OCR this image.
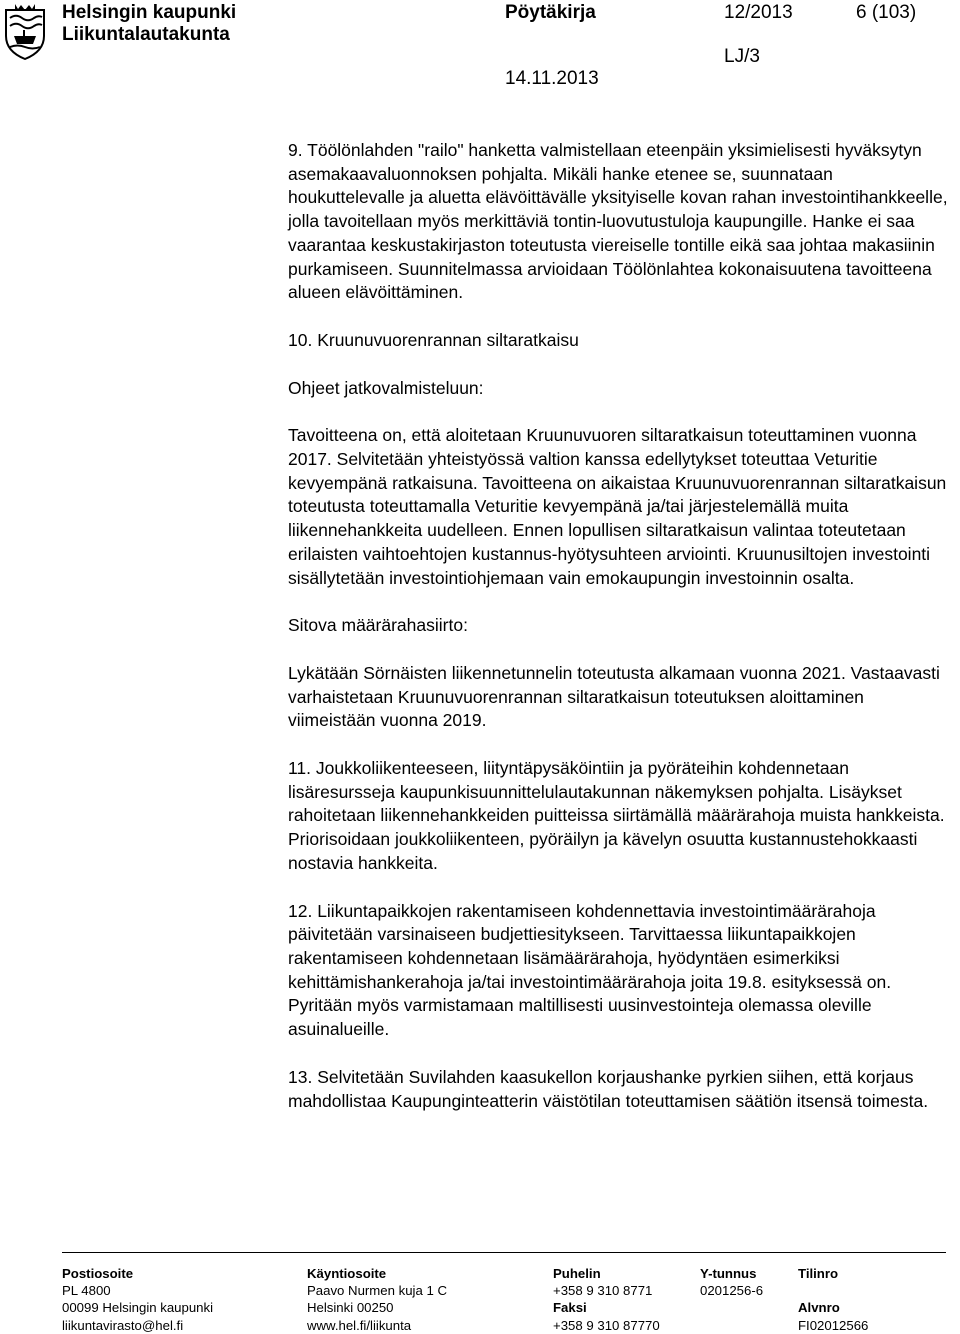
Helsingin kaupunki
Liikuntalautakunta
Pöytäkirja	12/2013	6 (103)
LJ/3
14.11.2013

9. Töölönlahden "railo" hanketta valmistellaan eteenpäin yksimielisesti hyväksytyn asemakaavaluonnoksen pohjalta. Mikäli hanke etenee se, suunnataan houkuttelevalle ja aluetta elävöittävälle yksityiselle kovan rahan investointihankkeelle, jolla tavoitellaan myös merkittäviä tontin-luovutustuloja kaupungille. Hanke ei saa vaarantaa keskustakirjaston toteutusta viereiselle tontille eikä saa johtaa makasiinin purkamiseen. Suunnitelmassa arvioidaan Töölönlahtea kokonaisuutena tavoitteena alueen elävöittäminen.

10. Kruunuvuorenrannan siltaratkaisu

Ohjeet jatkovalmisteluun:

Tavoitteena on, että aloitetaan Kruunuvuoren siltaratkaisun toteuttaminen vuonna 2017. Selvitetään yhteistyössä valtion kanssa edellytykset toteuttaa Veturitie kevyempänä ratkaisuna. Tavoitteena on aikaistaa Kruunuvuorenrannan siltaratkaisun toteutusta toteuttamalla Veturitie kevyempänä ja/tai järjestelemällä muita liikennehankkeita uudelleen. Ennen lopullisen siltaratkaisun valintaa toteutetaan erilaisten vaihtoehtojen kustannus-hyötysuhteen arviointi. Kruunusiltojen investointi sisällytetään investointiohjemaan vain emokaupungin investoinnin osalta.

Sitova määrärahasiirto:

Lykätään Sörnäisten liikennetunnelin toteutusta alkamaan vuonna 2021. Vastaavasti varhaistetaan Kruunuvuorenrannan siltaratkaisun toteutuksen aloittaminen viimeistään vuonna 2019.

11. Joukkoliikenteeseen, liityntäpysäköintiin ja pyöräteihin kohdennetaan lisäresursseja kaupunkisuunnittelulautakunnan näkemyksen pohjalta. Lisäykset rahoitetaan liikennehankkeiden puitteissa siirtämällä määrärahoja muista hankkeista. Priorisoidaan joukkoliikenteen, pyöräilyn ja kävelyn osuutta kustannustehokkaasti nostavia hankkeita.

12. Liikuntapaikkojen rakentamiseen kohdennettavia investointimäärärahoja päivitetään varsinaiseen budjettiesitykseen. Tarvittaessa liikuntapaikkojen rakentamiseen kohdennetaan lisämäärärahoja, hyödyntäen esimerkiksi kehittämishankerahoja ja/tai investointimäärärahoja joita 19.8. esityksessä on. Pyritään myös varmistamaan maltillisesti uusinvestointeja olemassa oleville asuinalueille.

13. Selvitetään Suvilahden kaasukellon korjaushanke pyrkien siihen, että korjaus mahdollistaa Kaupunginteatterin väistötilan toteuttamisen säätiön itsensä toimesta.

Postiosoite
PL 4800
00099 Helsingin kaupunki
liikuntavirasto@hel.fi
Käyntiosoite
Paavo Nurmen kuja 1 C
Helsinki 00250
www.hel.fi/liikunta
Puhelin
+358 9 310 8771
Faksi
+358 9 310 87770
Y-tunnus
0201256-6
Tilinro

Alvnro
FI02012566
